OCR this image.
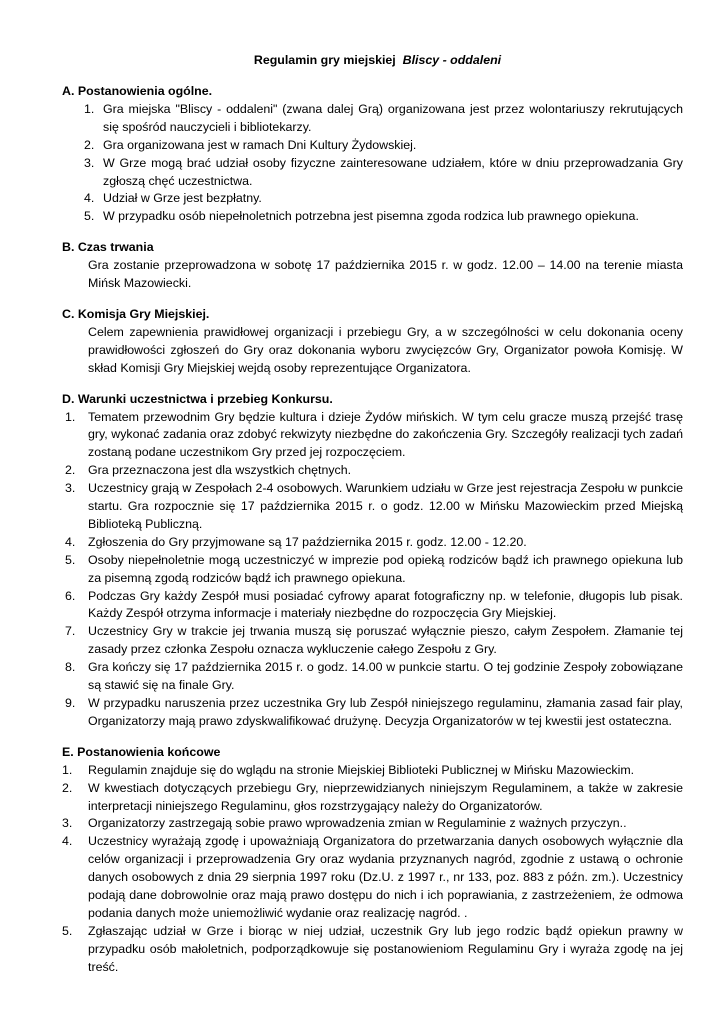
Regulamin gry miejskiej Bliscy - oddaleni

A. Postanowienia ogólne.

1. Gra miejska "Bliscy - oddaleni" (zwana dalej Grą) organizowana jest przez wolontariuszy rekrutujących się spośród nauczycieli i bibliotekarzy.
2. Gra organizowana jest w ramach Dni Kultury Żydowskiej.
3. W Grze mogą brać udział osoby fizyczne zainteresowane udziałem, które w dniu przeprowadzania Gry zgłoszą chęć uczestnictwa.
4. Udział w Grze jest bezpłatny.
5. W przypadku osób niepełnoletnich potrzebna jest pisemna zgoda rodzica lub prawnego opiekuna.

B. Czas trwania

Gra zostanie przeprowadzona w sobotę 17 października 2015 r. w godz. 12.00 – 14.00 na terenie miasta Mińsk Mazowiecki.

C. Komisja Gry Miejskiej.

Celem zapewnienia prawidłowej organizacji i przebiegu Gry, a w szczególności w celu dokonania oceny prawidłowości zgłoszeń do Gry oraz dokonania wyboru zwycięzców Gry, Organizator powoła Komisję. W skład Komisji Gry Miejskiej wejdą osoby reprezentujące Organizatora.

D. Warunki uczestnictwa i przebieg Konkursu.

1. Tematem przewodnim Gry będzie kultura i dzieje Żydów mińskich. W tym celu gracze muszą przejść trasę gry, wykonać zadania oraz zdobyć rekwizyty niezbędne do zakończenia Gry. Szczegóły realizacji tych zadań zostaną podane uczestnikom Gry przed jej rozpoczęciem.
2. Gra przeznaczona jest dla wszystkich chętnych.
3. Uczestnicy grają w Zespołach 2-4 osobowych. Warunkiem udziału w Grze jest rejestracja Zespołu w punkcie startu. Gra rozpocznie się 17 października 2015 r. o godz. 12.00 w Mińsku Mazowieckim przed Miejską Biblioteką Publiczną.
4. Zgłoszenia do Gry przyjmowane są 17 października 2015 r. godz. 12.00 - 12.20.
5. Osoby niepełnoletnie mogą uczestniczyć w imprezie pod opieką rodziców bądź ich prawnego opiekuna lub za pisemną zgodą rodziców bądź ich prawnego opiekuna.
6. Podczas Gry każdy Zespół musi posiadać cyfrowy aparat fotograficzny np. w telefonie, długopis lub pisak. Każdy Zespół otrzyma informacje i materiały niezbędne do rozpoczęcia Gry Miejskiej.
7. Uczestnicy Gry w trakcie jej trwania muszą się poruszać wyłącznie pieszo, całym Zespołem. Złamanie tej zasady przez członka Zespołu oznacza wykluczenie całego Zespołu z Gry.
8. Gra kończy się 17 października 2015 r. o godz. 14.00 w punkcie startu. O tej godzinie Zespoły zobowiązane są stawić się na finale Gry.
9. W przypadku naruszenia przez uczestnika Gry lub Zespół niniejszego regulaminu, złamania zasad fair play, Organizatorzy mają prawo zdyskwalifikować drużynę. Decyzja Organizatorów w tej kwestii jest ostateczna.

E. Postanowienia końcowe

1. Regulamin znajduje się do wglądu na stronie Miejskiej Biblioteki Publicznej w Mińsku Mazowieckim.
2. W kwestiach dotyczących przebiegu Gry, nieprzewidzianych niniejszym Regulaminem, a także w zakresie interpretacji niniejszego Regulaminu, głos rozstrzygający należy do Organizatorów.
3. Organizatorzy zastrzegają sobie prawo wprowadzenia zmian w Regulaminie z ważnych przyczyn..
4. Uczestnicy wyrażają zgodę i upoważniają Organizatora do przetwarzania danych osobowych wyłącznie dla celów organizacji i przeprowadzenia Gry oraz wydania przyznanych nagród, zgodnie z ustawą o ochronie danych osobowych z dnia 29 sierpnia 1997 roku (Dz.U. z 1997 r., nr 133, poz. 883 z późn. zm.). Uczestnicy podają dane dobrowolnie oraz mają prawo dostępu do nich i ich poprawiania, z zastrzeżeniem, że odmowa podania danych może uniemożliwić wydanie oraz realizację nagród. .
5. Zgłaszając udział w Grze i biorąc w niej udział, uczestnik Gry lub jego rodzic bądź opiekun prawny w przypadku osób małoletnich, podporządkowuje się postanowieniom Regulaminu Gry i wyraża zgodę na jej treść.
